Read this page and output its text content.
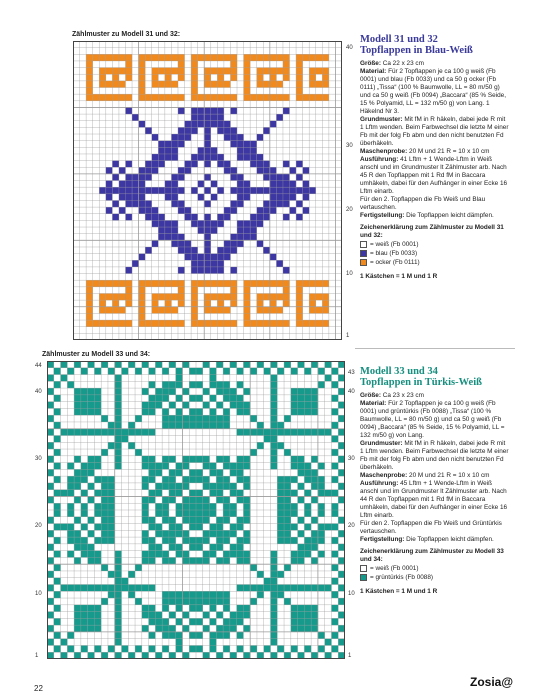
Zählmuster zu Modell 31 und 32:
40
30
20
10
1
Zählmuster zu Modell 33 und 34:
44
40
30
20
10
1
43
40
30
20
10
1
Modell 31 und 32
Topflappen in Blau-Weiß
Größe: Ca 22 x 23 cm
Material: Für 2 Topflappen je ca 100 g weiß (Fb 0001) und blau (Fb 0033) und ca 50 g ocker (Fb 0111) „Tissa“ (100 % Baumwolle, LL = 80 m/50 g) und ca 50 g weiß (Fb 0094) „Baccara“ (85 % Seide, 15 % Polyamid, LL = 132 m/50 g) von Lang. 1 Häkelnd Nr 3.
Grundmuster: Mit fM in R häkeln, dabei jede R mit 1 Lftm wenden. Beim Farbwechsel die letzte M einer Fb mit der folg Fb abm und den nicht benutzten Fd überhäkeln.
Maschenprobe: 20 M und 21 R = 10 x 10 cm
Ausführung: 41 Lftm + 1 Wende-Lftm in Weiß anschl und im Grundmuster lt Zählmuster arb. Nach 45 R den Topflappen mit 1 Rd fM in Baccara umhäkeln, dabei für den Aufhänger in einer Ecke 16 Lftm einarb.
Für den 2. Topflappen die Fb Weiß und Blau vertauschen.
Fertigstellung: Die Topflappen leicht dämpfen.
Zeichenerklärung zum Zählmuster zu Modell 31 und 32:
= weiß (Fb 0001)
= blau (Fb 0033)
= ocker (Fb 0111)
1 Kästchen = 1 M und 1 R
Modell 33 und 34
Topflappen in Türkis-Weiß
Größe: Ca 23 x 23 cm
Material: Für 2 Topflappen je ca 100 g weiß (Fb 0001) und grüntürkis (Fb 0088) „Tissa“ (100 % Baumwolle, LL = 80 m/50 g) und ca 50 g weiß (Fb 0094) „Baccara“ (85 % Seide, 15 % Polyamid, LL = 132 m/50 g) von Lang.
Grundmuster: Mit fM in R häkeln, dabei jede R mit 1 Lftm wenden. Beim Farbwechsel die letzte M einer Fb mit der folg Fb abm und den nicht benutzten Fd überhäkeln.
Maschenprobe: 20 M und 21 R = 10 x 10 cm
Ausführung: 45 Lftm + 1 Wende-Lftm in Weiß anschl und im Grundmuster lt Zählmuster arb. Nach 44 R den Topflappen mit 1 Rd fM in Baccara umhäkeln, dabei für den Aufhänger in einer Ecke 16 Lftm einarb.
Für den 2. Topflappen die Fb Weiß und Grüntürkis vertauschen.
Fertigstellung: Die Topflappen leicht dämpfen.
Zeichenerklärung zum Zählmuster zu Modell 33 und 34:
= weiß (Fb 0001)
= grüntürkis (Fb 0088)
1 Kästchen = 1 M und 1 R
22	Zosia@
